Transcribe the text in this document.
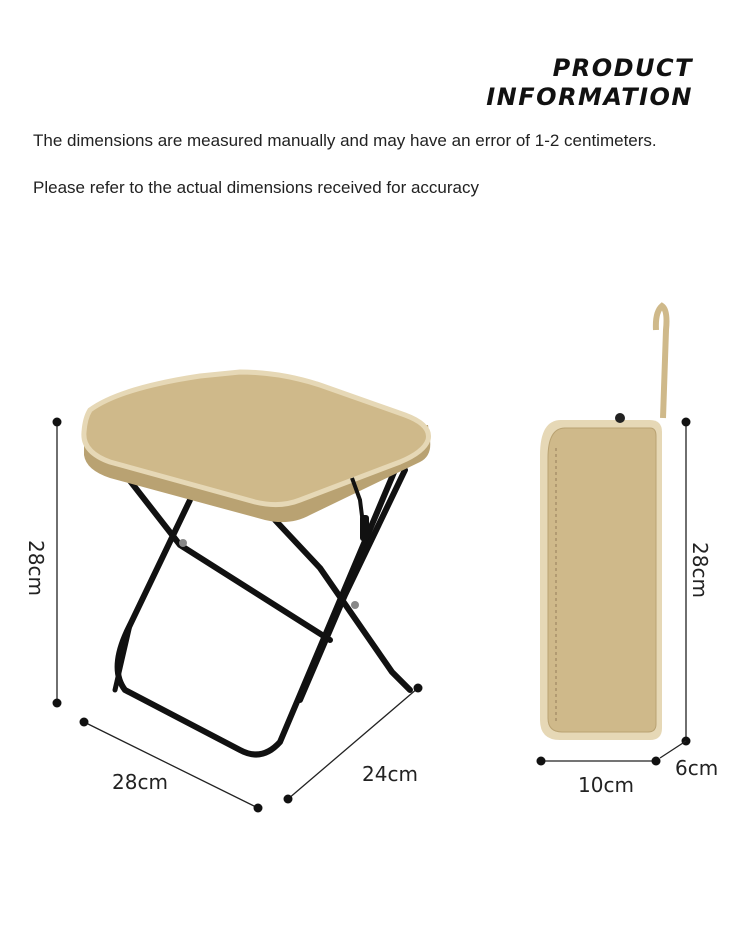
PRODUCT
INFORMATION
The dimensions are measured manually and may have an error of 1-2 centimeters.
Please refer to the actual dimensions received for accuracy
28cm
28cm	24cm
28cm
10cm
6cm
